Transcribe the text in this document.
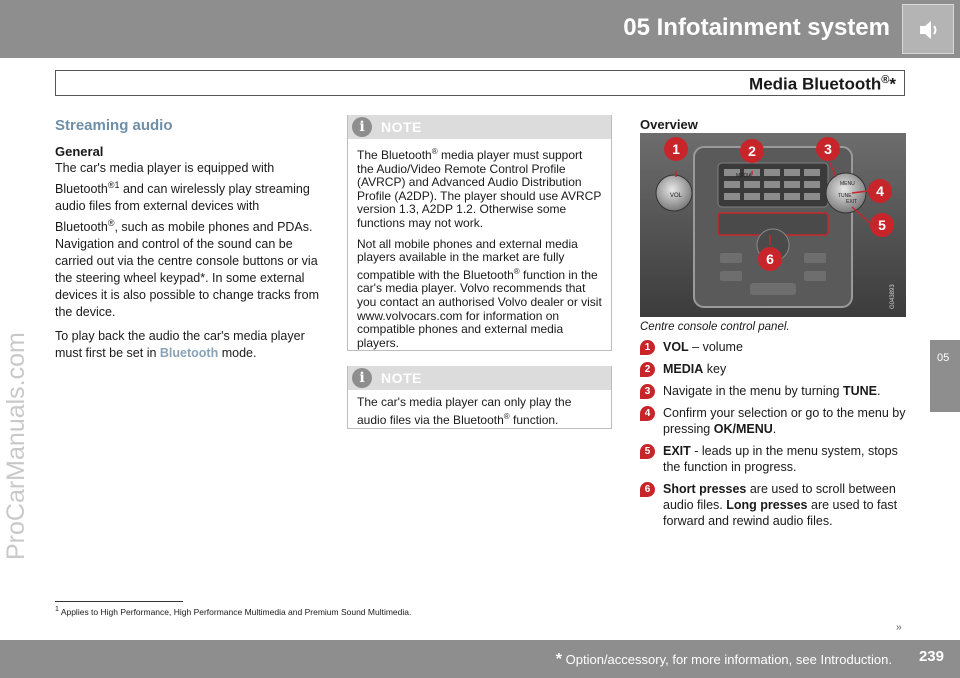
05 Infotainment system
Media Bluetooth®*
05
ProCarManuals.com
Streaming audio
General

The car's media player is equipped with Bluetooth$^{®1}$ and can wirelessly play streaming audio files from external devices with Bluetooth®, such as mobile phones and PDAs. Navigation and control of the sound can be carried out via the centre console buttons or via the steering wheel keypad*. In some external devices it is also possible to change tracks from the device.

To play back the audio the car's media player must first be set in Bluetooth mode.

i	NOTE

The Bluetooth® media player must support the Audio/Video Remote Control Profile (AVRCP) and Advanced Audio Distribution Profile (A2DP). The player should use AVRCP version 1.3, A2DP 1.2. Otherwise some functions may not work.

Not all mobile phones and external media players available in the market are fully compatible with the Bluetooth® function in the car's media player. Volvo recommends that you contact an authorised Volvo dealer or visit www.volvocars.com for information on compatible phones and external media players.

i	NOTE

The car's media player can only play the audio files via the Bluetooth® function.

Overview
VOL
MEDIA
MENU
TUNE
EXIT
G043893
1	2	3
4
5
6
Centre console control panel.
1	VOL – volume
2	MEDIA key
3	Navigate in the menu by turning TUNE.
4	Confirm your selection or go to the menu by pressing OK/MENU.
5	EXIT - leads up in the menu system, stops the function in progress.
6	Short presses are used to scroll between audio files. Long presses are used to fast forward and rewind audio files.
$^1$ Applies to High Performance, High Performance Multimedia and Premium Sound Multimedia.
››
* Option/accessory, for more information, see Introduction. 239
